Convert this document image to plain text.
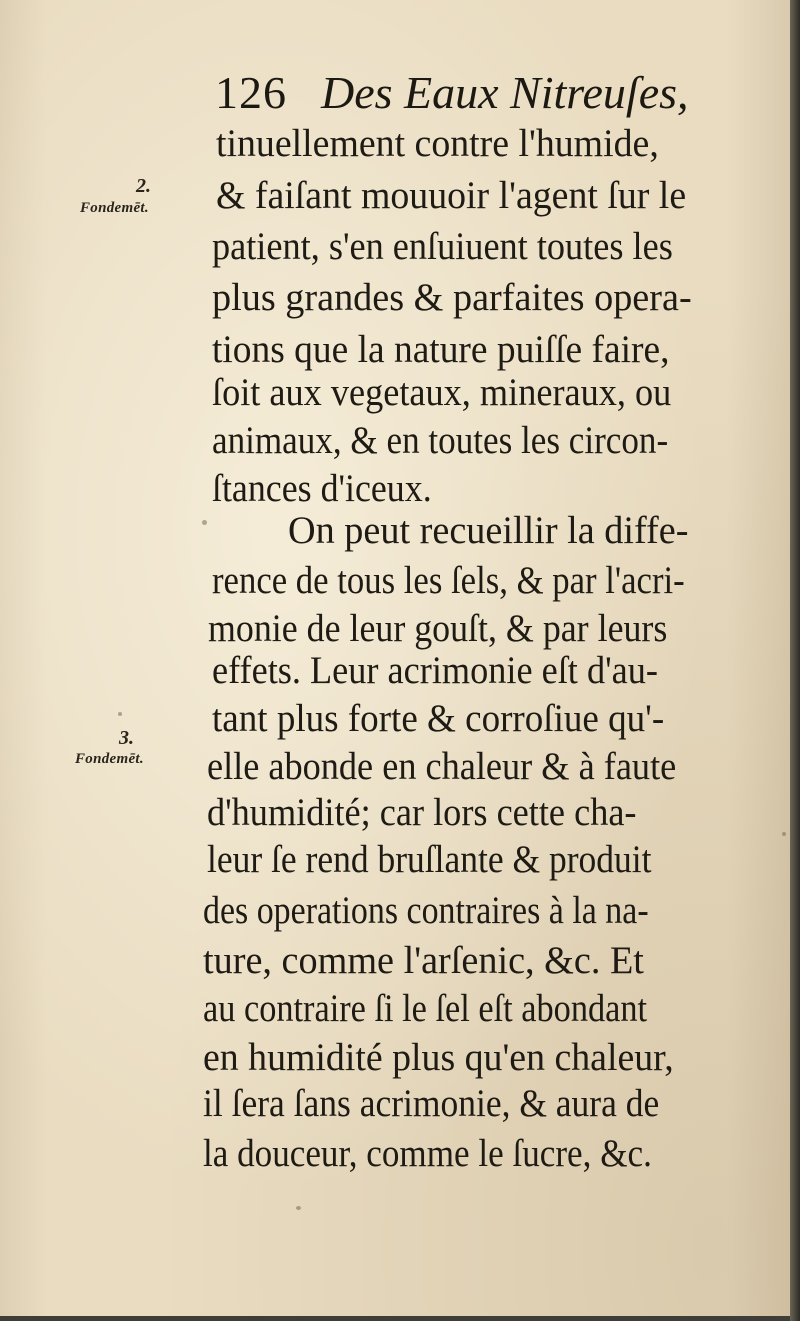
126 Des Eaux Nitreuſes,
2.
Fondemēt.
3.
Fondemēt.
tinuellement contre l'humide,
& faiſant mouuoir l'agent ſur le
patient, s'en enſuiuent toutes les
plus grandes & parfaites opera-
tions que la nature puiſſe faire,
ſoit aux vegetaux, mineraux, ou
animaux, & en toutes les circon-
ſtances d'iceux.
On peut recueillir la diffe-
rence de tous les ſels, & par l'acri-
monie de leur gouſt, & par leurs
effets. Leur acrimonie eſt d'au-
tant plus forte & corroſiue qu'-
elle abonde en chaleur & à faute
d'humidité; car lors cette cha-
leur ſe rend bruſlante & produit
des operations contraires à la na-
ture, comme l'arſenic, &c. Et
au contraire ſi le ſel eſt abondant
en humidité plus qu'en chaleur,
il ſera ſans acrimonie, & aura de
la douceur, comme le ſucre, &c.
